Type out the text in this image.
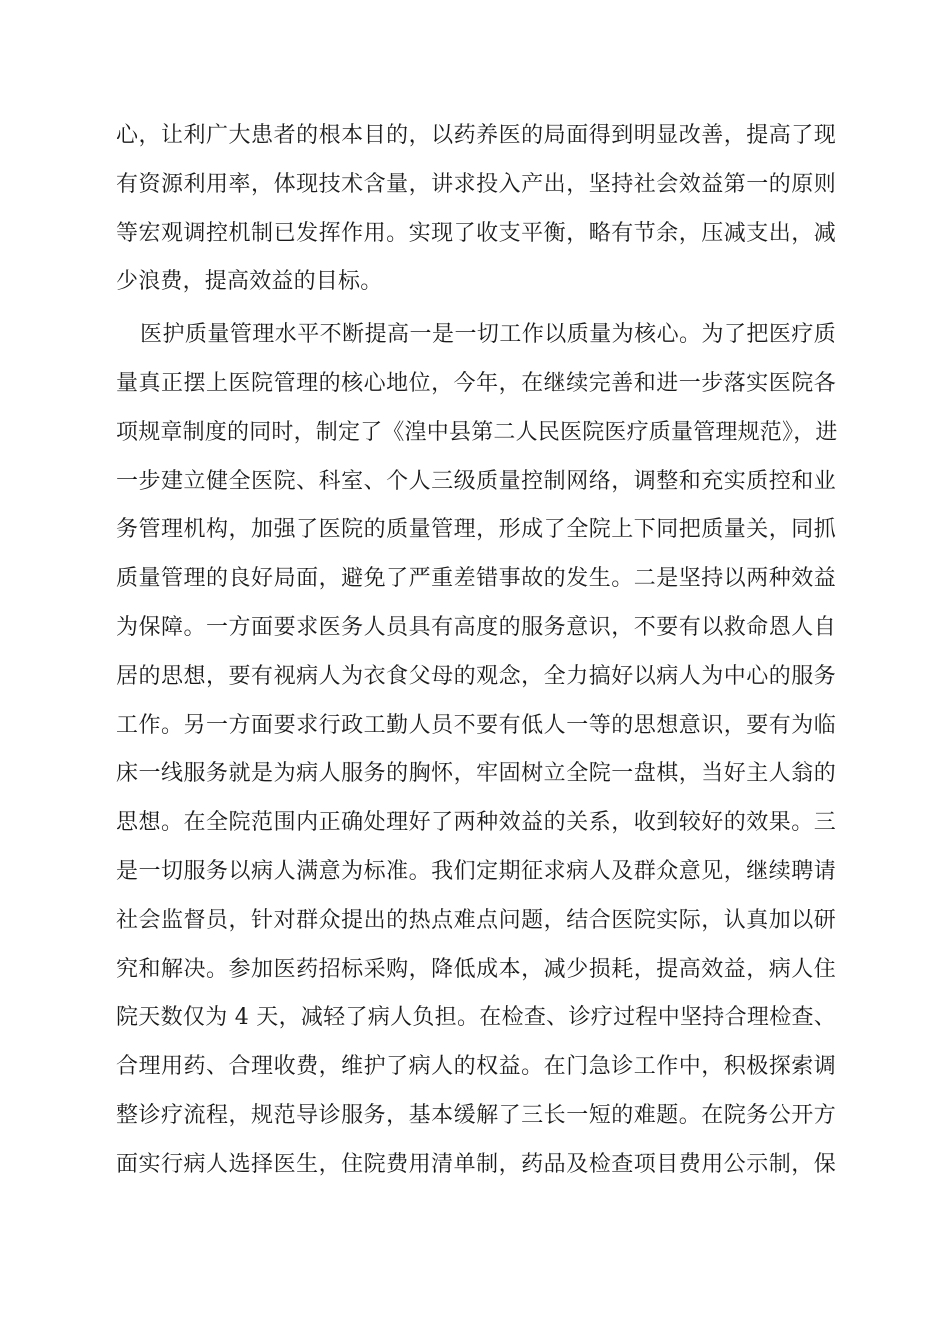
心，让利广大患者的根本目的，以药养医的局面得到明显改善，提高了现
有资源利用率，体现技术含量，讲求投入产出，坚持社会效益第一的原则
等宏观调控机制已发挥作用。实现了收支平衡，略有节余，压减支出，减
少浪费，提高效益的目标。
医护质量管理水平不断提高一是一切工作以质量为核心。为了把医疗质
量真正摆上医院管理的核心地位，今年，在继续完善和进一步落实医院各
项规章制度的同时，制定了《湟中县第二人民医院医疗质量管理规范》，进
一步建立健全医院、科室、个人三级质量控制网络，调整和充实质控和业
务管理机构，加强了医院的质量管理，形成了全院上下同把质量关，同抓
质量管理的良好局面，避免了严重差错事故的发生。二是坚持以两种效益
为保障。一方面要求医务人员具有高度的服务意识，不要有以救命恩人自
居的思想，要有视病人为衣食父母的观念，全力搞好以病人为中心的服务
工作。另一方面要求行政工勤人员不要有低人一等的思想意识，要有为临
床一线服务就是为病人服务的胸怀，牢固树立全院一盘棋，当好主人翁的
思想。在全院范围内正确处理好了两种效益的关系，收到较好的效果。三
是一切服务以病人满意为标准。我们定期征求病人及群众意见，继续聘请
社会监督员，针对群众提出的热点难点问题，结合医院实际，认真加以研
究和解决。参加医药招标采购，降低成本，减少损耗，提高效益，病人住
院天数仅为 4 天，减轻了病人负担。在检查、诊疗过程中坚持合理检查、
合理用药、合理收费，维护了病人的权益。在门急诊工作中，积极探索调
整诊疗流程，规范导诊服务，基本缓解了三长一短的难题。在院务公开方
面实行病人选择医生，住院费用清单制，药品及检查项目费用公示制，保
